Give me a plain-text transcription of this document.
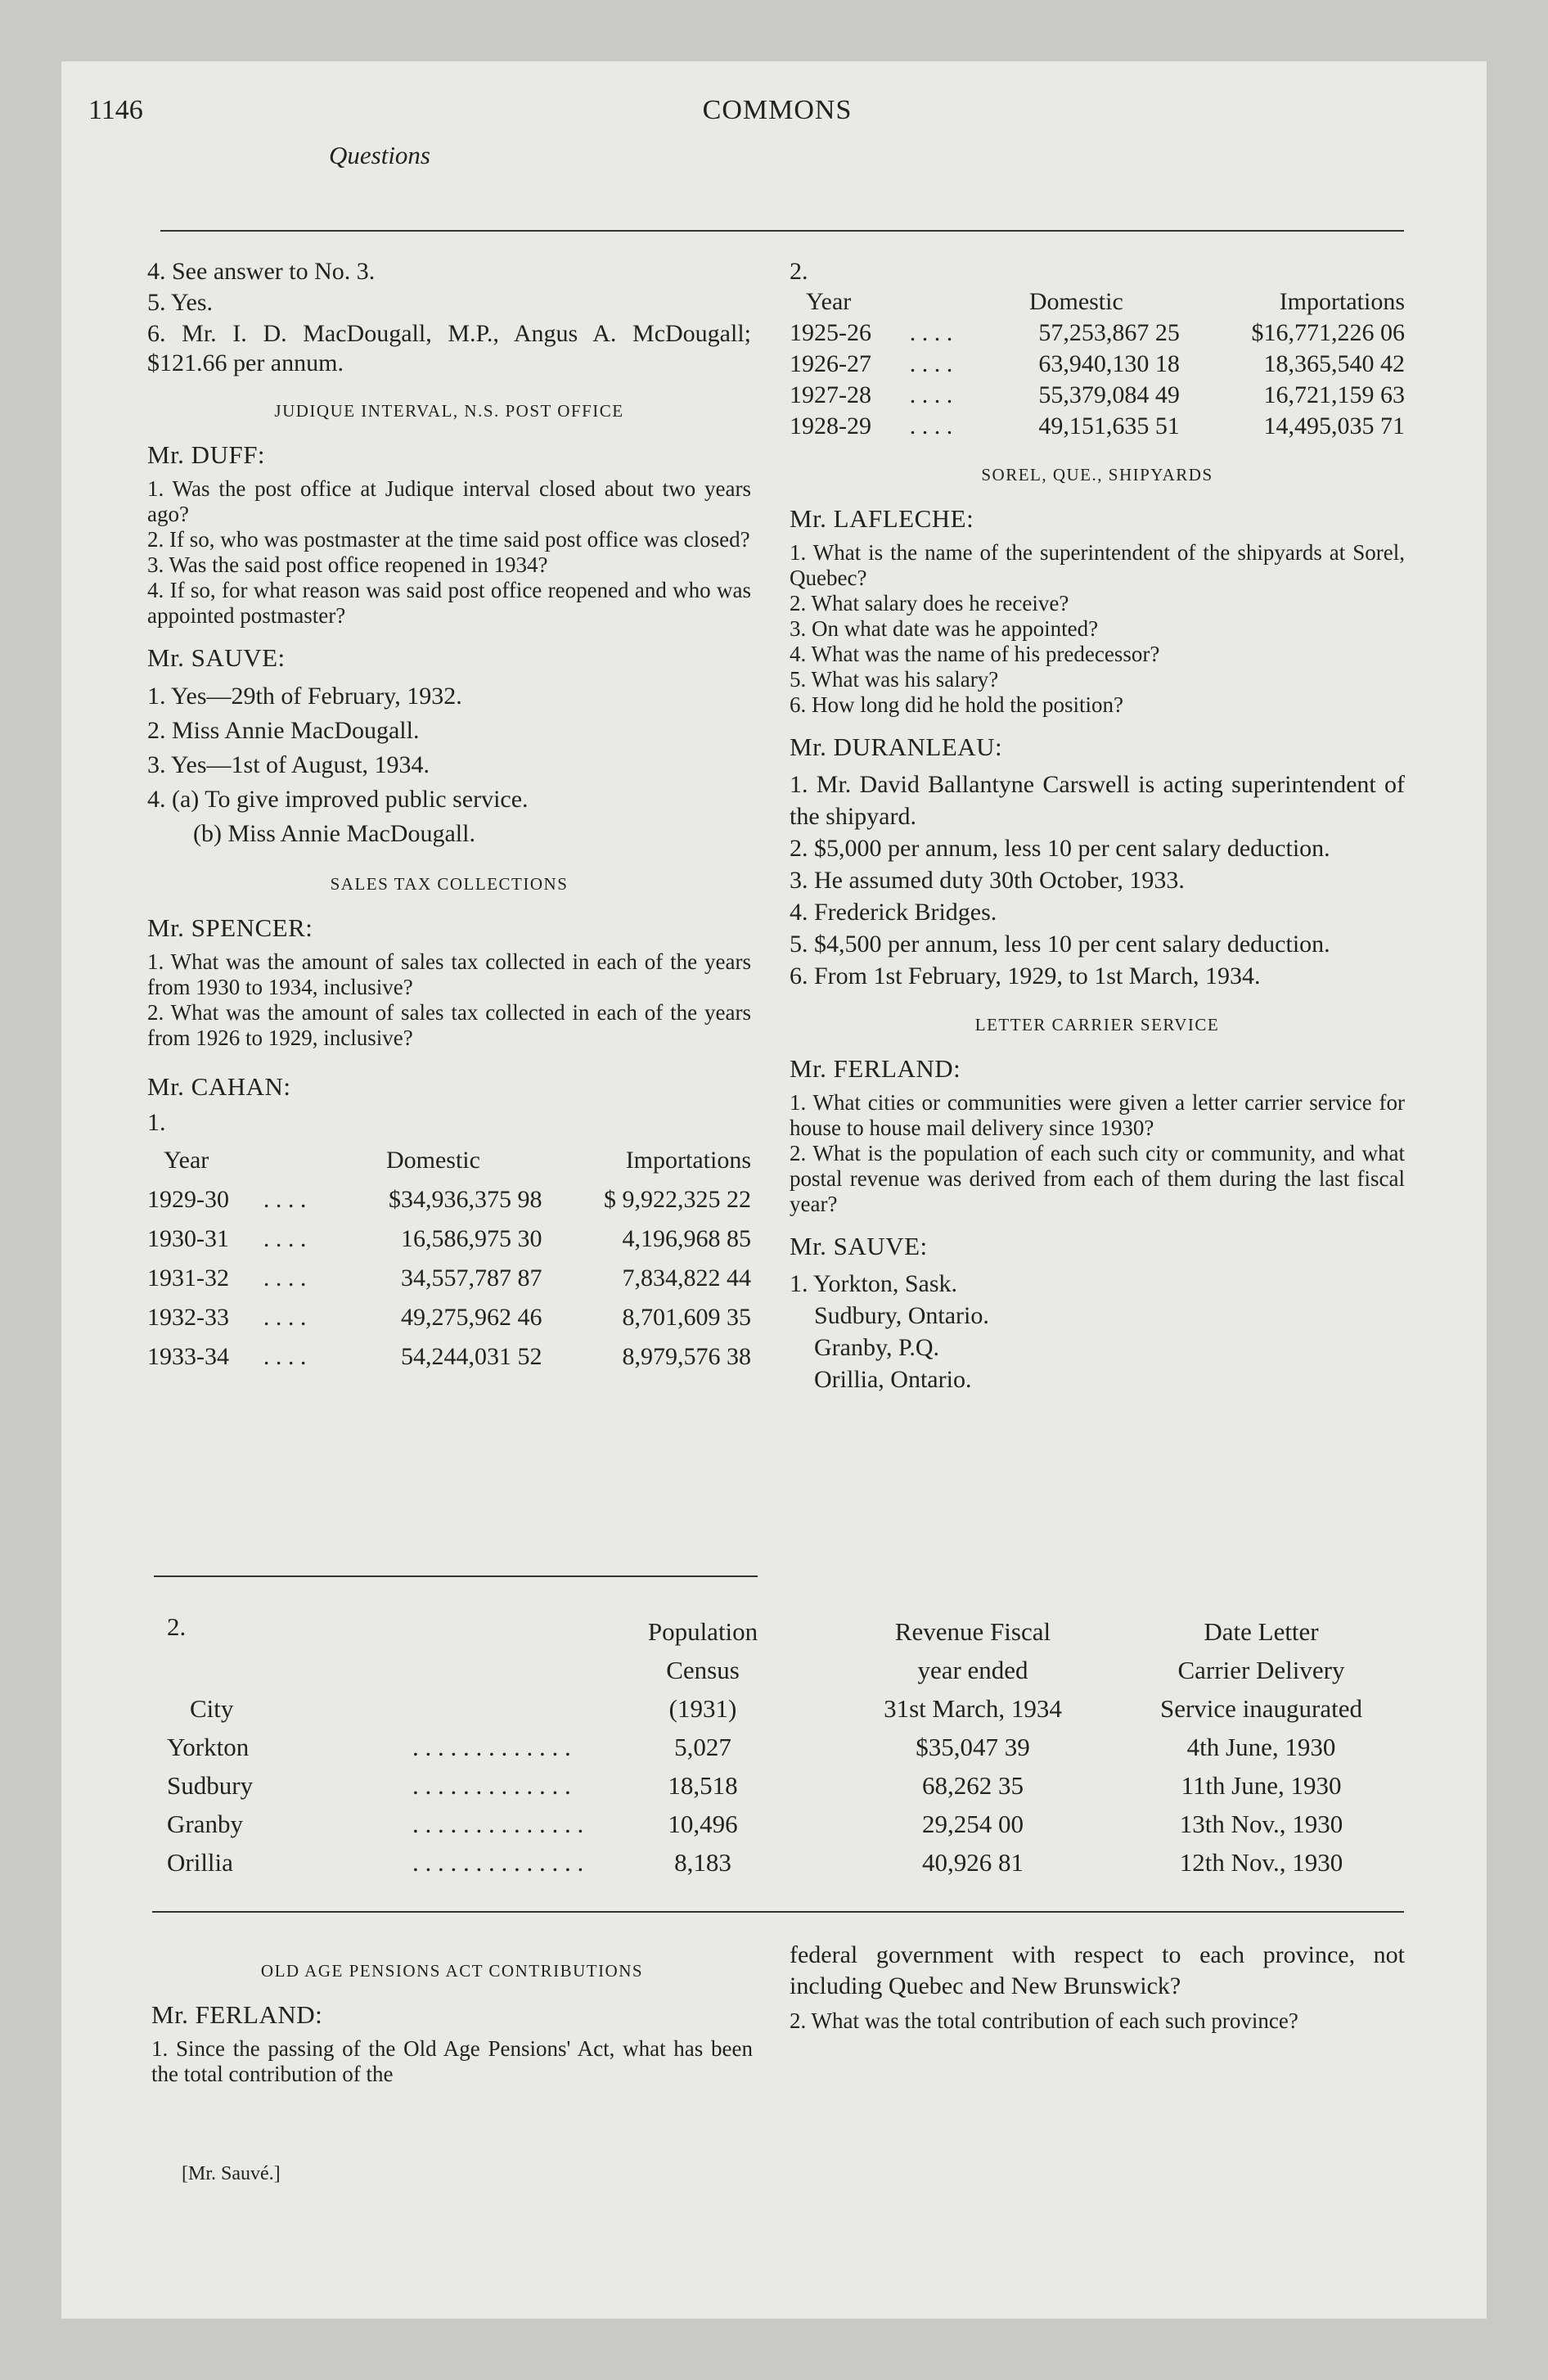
1146	COMMONS
Questions

4. See answer to No. 3.

5. Yes.

6. Mr. I. D. MacDougall, M.P., Angus A. McDougall; $121.66 per annum.

JUDIQUE INTERVAL, N.S. POST OFFICE
Mr. DUFF:

1. Was the post office at Judique interval closed about two years ago?

2. If so, who was postmaster at the time said post office was closed?

3. Was the said post office reopened in 1934?

4. If so, for what reason was said post office reopened and who was appointed postmaster?

Mr. SAUVE:

1. Yes—29th of February, 1932.

2. Miss Annie MacDougall.

3. Yes—1st of August, 1934.

4. (a) To give improved public service.

(b) Miss Annie MacDougall.

SALES TAX COLLECTIONS
Mr. SPENCER:

1. What was the amount of sales tax collected in each of the years from 1930 to 1934, inclusive?

2. What was the amount of sales tax collected in each of the years from 1926 to 1929, inclusive?

Mr. CAHAN:

1.

Year		Domestic	Importations
1929-30	. . . .	$34,936,375 98	$ 9,922,325 22
1930-31	. . . .	16,586,975 30	4,196,968 85
1931-32	. . . .	34,557,787 87	7,834,822 44
1932-33	. . . .	49,275,962 46	8,701,609 35
1933-34	. . . .	54,244,031 52	8,979,576 38

2.

Year		Domestic	Importations
1925-26	. . . .	57,253,867 25	$16,771,226 06
1926-27	. . . .	63,940,130 18	18,365,540 42
1927-28	. . . .	55,379,084 49	16,721,159 63
1928-29	. . . .	49,151,635 51	14,495,035 71
SOREL, QUE., SHIPYARDS
Mr. LAFLECHE:

1. What is the name of the superintendent of the shipyards at Sorel, Quebec?

2. What salary does he receive?

3. On what date was he appointed?

4. What was the name of his predecessor?

5. What was his salary?

6. How long did he hold the position?

Mr. DURANLEAU:

1. Mr. David Ballantyne Carswell is acting superintendent of the shipyard.

2. $5,000 per annum, less 10 per cent salary deduction.

3. He assumed duty 30th October, 1933.

4. Frederick Bridges.

5. $4,500 per annum, less 10 per cent salary deduction.

6. From 1st February, 1929, to 1st March, 1934.

LETTER CARRIER SERVICE
Mr. FERLAND:

1. What cities or communities were given a letter carrier service for house to house mail delivery since 1930?

2. What is the population of each such city or community, and what postal revenue was derived from each of them during the last fiscal year?

Mr. SAUVE:

1. Yorkton, Sask.

Sudbury, Ontario.

Granby, P.Q.

Orillia, Ontario.

2.		Population		Revenue Fiscal		Date Letter
		Census		year ended		Carrier Delivery
City		(1931)		31st March, 1934		Service inaugurated
Yorkton	. . . . . . . . . . . . .	5,027		$35,047 39		4th June, 1930
Sudbury	. . . . . . . . . . . . .	18,518		68,262 35		11th June, 1930
Granby	. . . . . . . . . . . . . .	10,496		29,254 00		13th Nov., 1930
Orillia	. . . . . . . . . . . . . .	8,183		40,926 81		12th Nov., 1930
OLD AGE PENSIONS ACT CONTRIBUTIONS
Mr. FERLAND:

1. Since the passing of the Old Age Pensions' Act, what has been the total contribution of the

federal government with respect to each province, not including Quebec and New Brunswick?

2. What was the total contribution of each such province?

[Mr. Sauvé.]
